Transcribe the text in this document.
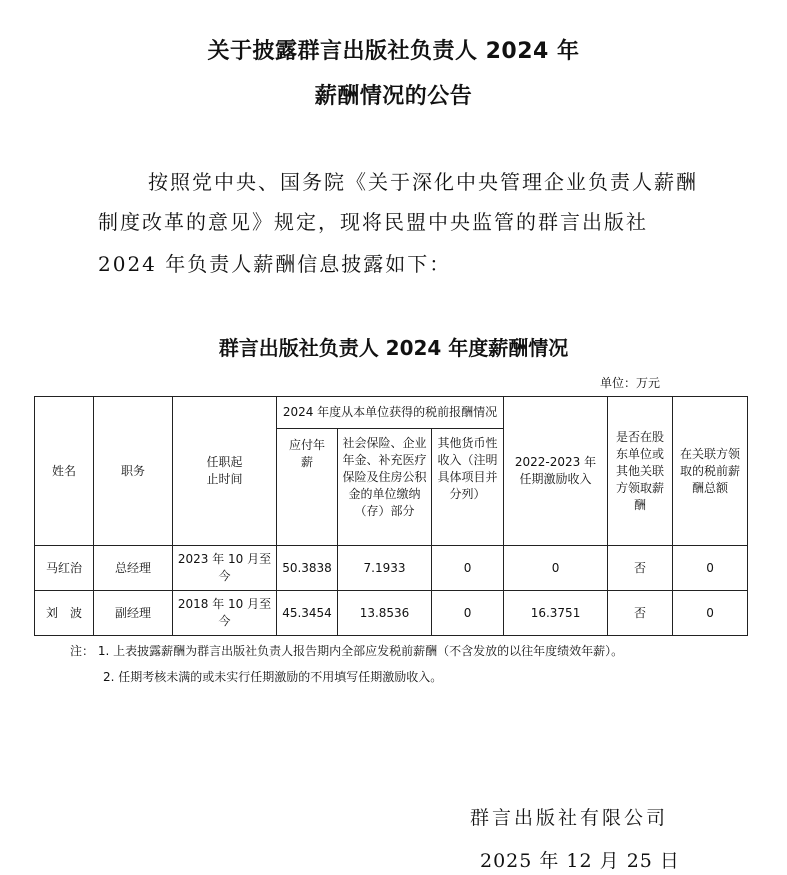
关于披露群言出版社负责人 2024 年
薪酬情况的公告
按照党中央、国务院《关于深化中央管理企业负责人薪酬
制度改革的意见》规定，现将民盟中央监管的群言出版社
2024 年负责人薪酬信息披露如下：
群言出版社负责人 2024 年度薪酬情况
单位：万元
姓名	职务	任职起止时间	2024 年度从本单位获得的税前报酬情况			2022-2023 年任期激励收入	是否在股东单位或其他关联方领取薪酬	在关联方领取的税前薪酬总额
			应付年薪	社会保险、企业年金、补充医疗保险及住房公积金的单位缴纳（存）部分	其他货币性收入（注明具体项目并分列）			
马红治	总经理	2023 年 10 月至今	50.3838	7.1933	0	0	否	0
刘　波	副经理	2018 年 10 月至今	45.3454	13.8536	0	16.3751	否	0
注： 1. 上表披露薪酬为群言出版社负责人报告期内全部应发税前薪酬（不含发放的以往年度绩效年薪）。
2. 任期考核未满的或未实行任期激励的不用填写任期激励收入。
群言出版社有限公司
2025 年 12 月 25 日
